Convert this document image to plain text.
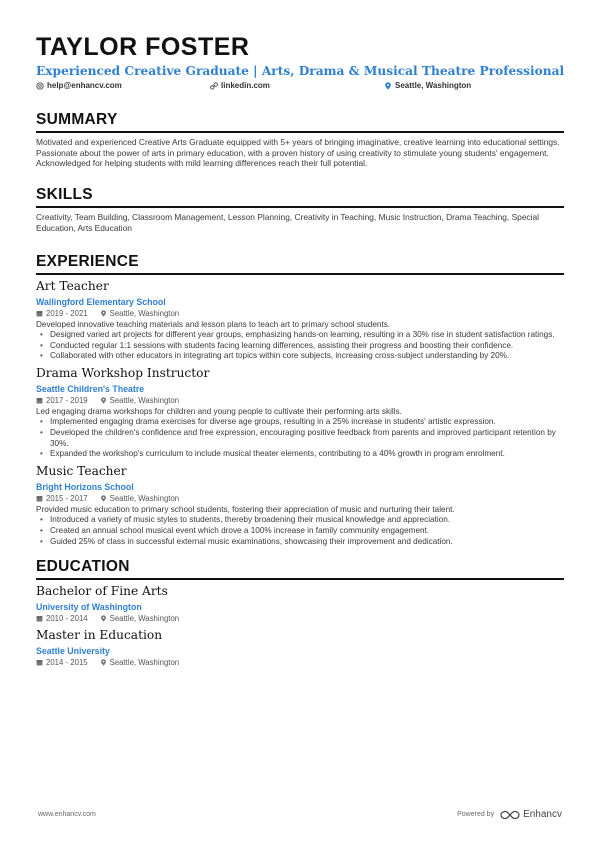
TAYLOR FOSTER
Experienced Creative Graduate | Arts, Drama & Musical Theatre Professional
help@enhancv.com	linkedin.com	Seattle, Washington
SUMMARY
Motivated and experienced Creative Arts Graduate equipped with 5+ years of bringing imaginative, creative learning into educational settings. Passionate about the power of arts in primary education, with a proven history of using creativity to stimulate young students' engagement. Acknowledged for helping students with mild learning differences reach their full potential.
SKILLS
Creativity, Team Building, Classroom Management, Lesson Planning, Creativity in Teaching, Music Instruction, Drama Teaching, Special Education, Arts Education
EXPERIENCE
Art Teacher
Wallingford Elementary School
2019 - 2021	Seattle, Washington
Developed innovative teaching materials and lesson plans to teach art to primary school students.
• Designed varied art projects for different year groups, emphasizing hands-on learning, resulting in a 30% rise in student satisfaction ratings.
• Conducted regular 1:1 sessions with students facing learning differences, assisting their progress and boosting their confidence.
• Collaborated with other educators in integrating art topics within core subjects, increasing cross-subject understanding by 20%.
Drama Workshop Instructor
Seattle Children's Theatre
2017 - 2019	Seattle, Washington
Led engaging drama workshops for children and young people to cultivate their performing arts skills.
• Implemented engaging drama exercises for diverse age groups, resulting in a 25% increase in students' artistic expression.
• Developed the children's confidence and free expression, encouraging positive feedback from parents and improved participant retention by 30%.
• Expanded the workshop's curriculum to include musical theater elements, contributing to a 40% growth in program enrolment.
Music Teacher
Bright Horizons School
2015 - 2017	Seattle, Washington
Provided music education to primary school students, fostering their appreciation of music and nurturing their talent.
• Introduced a variety of music styles to students, thereby broadening their musical knowledge and appreciation.
• Created an annual school musical event which drove a 100% increase in family community engagement.
• Guided 25% of class in successful external music examinations, showcasing their improvement and dedication.
EDUCATION
Bachelor of Fine Arts
University of Washington
2010 - 2014	Seattle, Washington
Master in Education
Seattle University
2014 - 2015	Seattle, Washington
www.enhancv.com	Powered by	Enhancv
